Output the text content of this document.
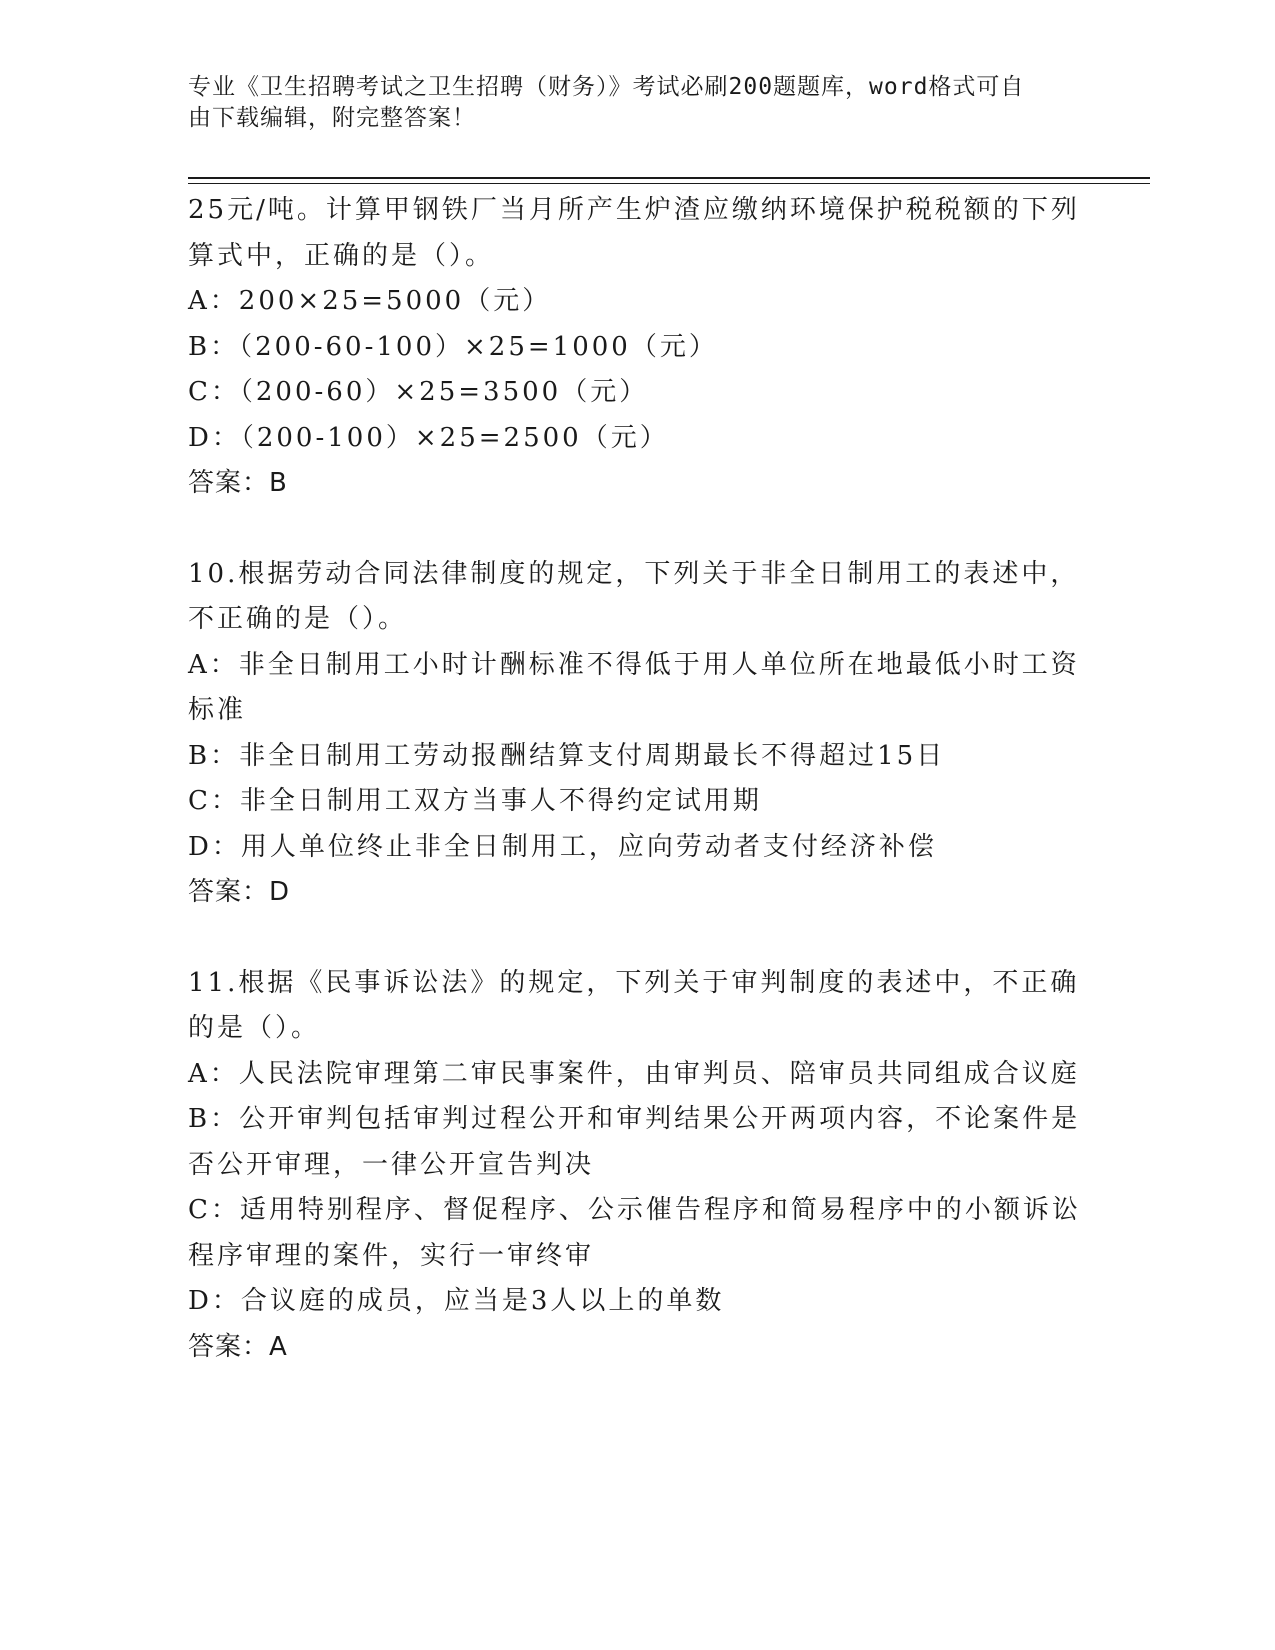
专业《卫生招聘考试之卫生招聘（财务）》考试必刷200题题库，word格式可自
由下载编辑，附完整答案！
25元/吨。计算甲钢铁厂当月所产生炉渣应缴纳环境保护税税额的下列
算式中，正确的是（）。
A：200×25=5000（元）
B：（200-60-100）×25=1000（元）
C：（200-60）×25=3500（元）
D：（200-100）×25=2500（元）
答案：B
10.根据劳动合同法律制度的规定，下列关于非全日制用工的表述中，
不正确的是（）。
A：非全日制用工小时计酬标准不得低于用人单位所在地最低小时工资
标准
B：非全日制用工劳动报酬结算支付周期最长不得超过15日
C：非全日制用工双方当事人不得约定试用期
D：用人单位终止非全日制用工，应向劳动者支付经济补偿
答案：D
11.根据《民事诉讼法》的规定，下列关于审判制度的表述中，不正确
的是（）。
A：人民法院审理第二审民事案件，由审判员、陪审员共同组成合议庭
B：公开审判包括审判过程公开和审判结果公开两项内容，不论案件是
否公开审理，一律公开宣告判决
C：适用特别程序、督促程序、公示催告程序和简易程序中的小额诉讼
程序审理的案件，实行一审终审
D：合议庭的成员，应当是3人以上的单数
答案：A
